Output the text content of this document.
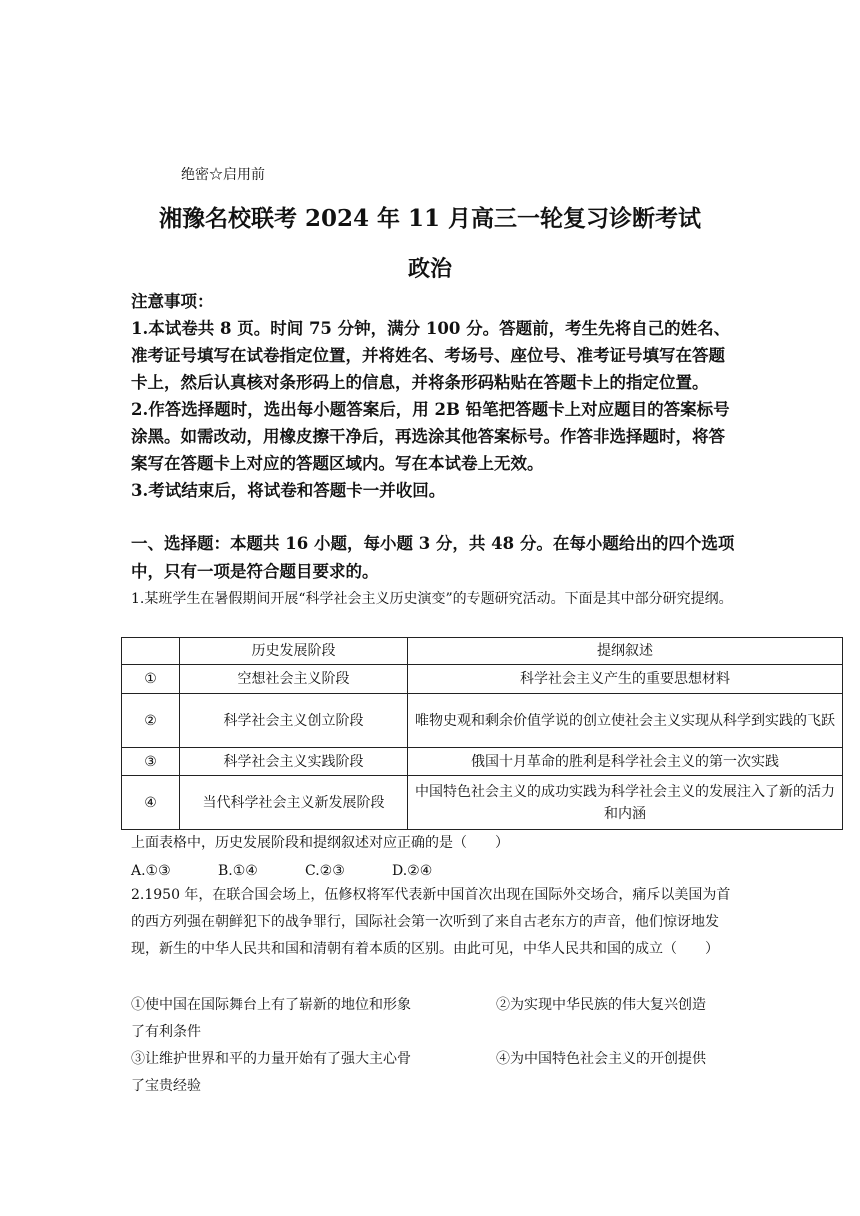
绝密☆启用前
湘豫名校联考 2024 年 11 月高三一轮复习诊断考试
政治

注意事项：

1.本试卷共 8 页。时间 75 分钟，满分 100 分。答题前，考生先将自己的姓名、准考证号填写在试卷指定位置，并将姓名、考场号、座位号、准考证号填写在答题卡上，然后认真核对条形码上的信息，并将条形码粘贴在答题卡上的指定位置。

2.作答选择题时，选出每小题答案后，用 2B 铅笔把答题卡上对应题目的答案标号涂黑。如需改动，用橡皮擦干净后，再选涂其他答案标号。作答非选择题时，将答案写在答题卡上对应的答题区域内。写在本试卷上无效。

3.考试结束后，将试卷和答题卡一并收回。

一、选择题：本题共 16 小题，每小题 3 分，共 48 分。在每小题给出的四个选项中，只有一项是符合题目要求的。
1.某班学生在暑假期间开展“科学社会主义历史演变”的专题研究活动。下面是其中部分研究提纲。
	历史发展阶段	提纲叙述
①	空想社会主义阶段	科学社会主义产生的重要思想材料
②	科学社会主义创立阶段	唯物史观和剩余价值学说的创立使社会主义实现从科学到实践的飞跃
③	科学社会主义实践阶段	俄国十月革命的胜利是科学社会主义的第一次实践
④	当代科学社会主义新发展阶段	中国特色社会主义的成功实践为科学社会主义的发展注入了新的活力和内涵
上面表格中，历史发展阶段和提纲叙述对应正确的是（　　）
A.①③	B.①④	C.②③	D.②④
2.1950 年，在联合国会场上，伍修权将军代表新中国首次出现在国际外交场合，痛斥以美国为首的西方列强在朝鲜犯下的战争罪行，国际社会第一次听到了来自古老东方的声音，他们惊讶地发现，新生的中华人民共和国和清朝有着本质的区别。由此可见，中华人民共和国的成立（　　）
①使中国在国际舞台上有了崭新的地位和形象	②为实现中华民族的伟大复兴创造
了有利条件
③让维护世界和平的力量开始有了强大主心骨	④为中国特色社会主义的开创提供
了宝贵经验
